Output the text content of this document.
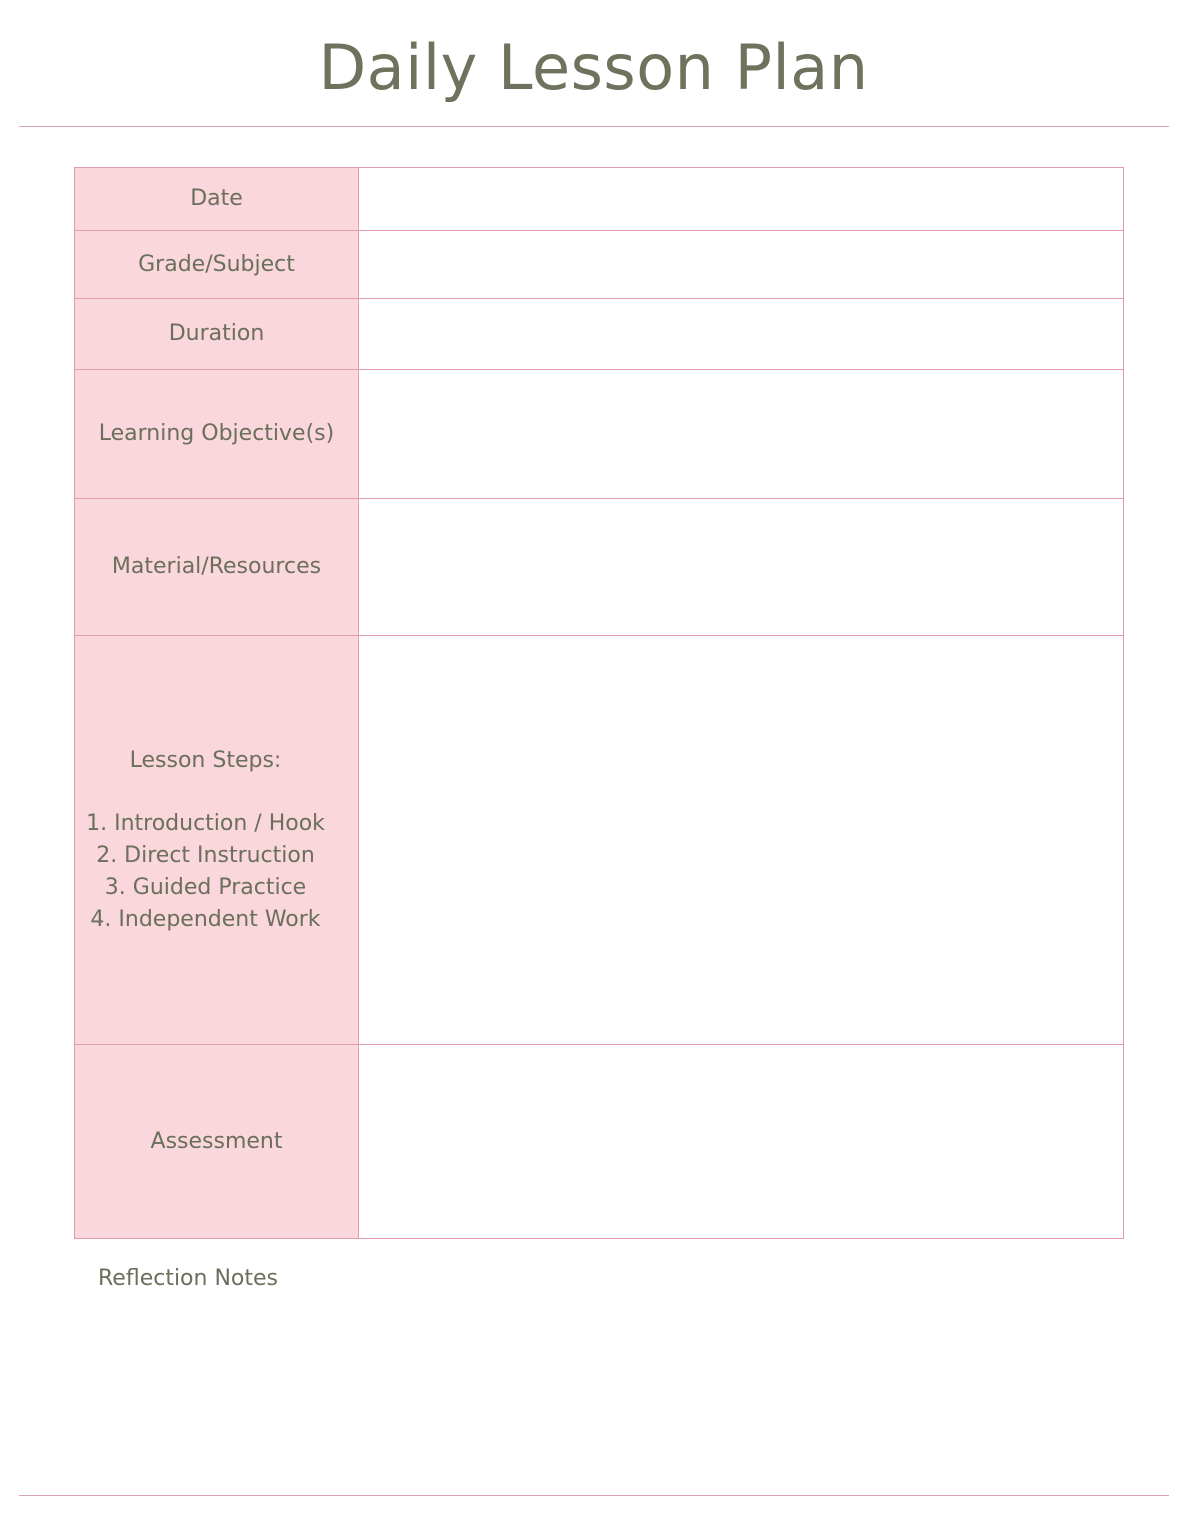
Daily Lesson Plan
Date	
Grade/Subject	
Duration	
Learning Objective(s)	
Material/Resources	

Lesson Steps:
1. Introduction / Hook
2. Direct Instruction
3. Guided Practice
4. Independent Work	

Assessment	
Reflection Notes
